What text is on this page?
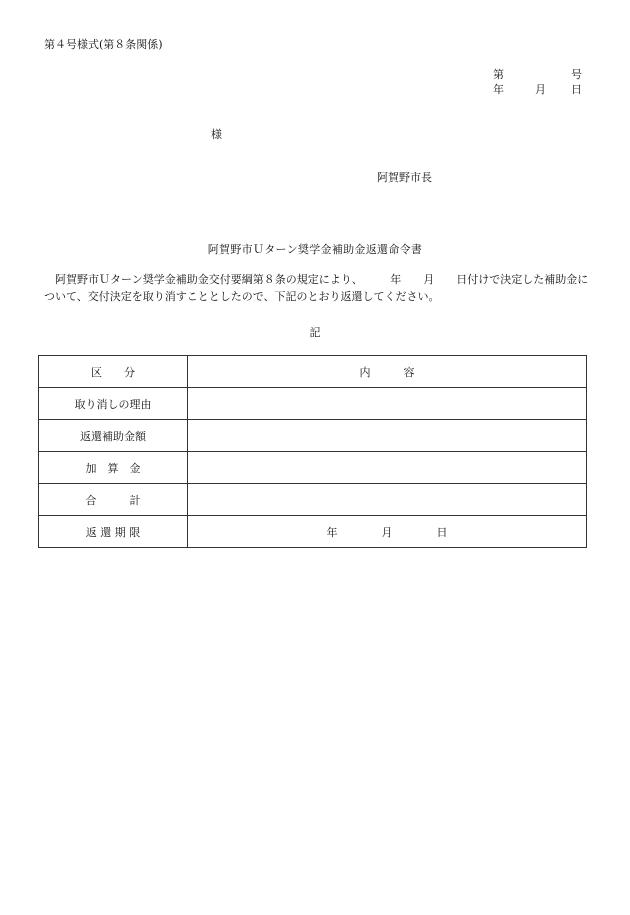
第４号様式(第８条関係)
第	号
年	月 日
様
阿賀野市長
阿賀野市Ｕターン奨学金補助金返還命令書
阿賀野市Ｕターン奨学金補助金交付要綱第８条の規定により、　　　年　　月　　日付けで決定した補助金について、交付決定を取り消すこととしたので、下記のとおり返還してください。
記
区　　分	内　　　容
取り消しの理由	
返還補助金額	
加　算　金	
合　　　計	
返 還 期 限	年　　　　月　　　　日
